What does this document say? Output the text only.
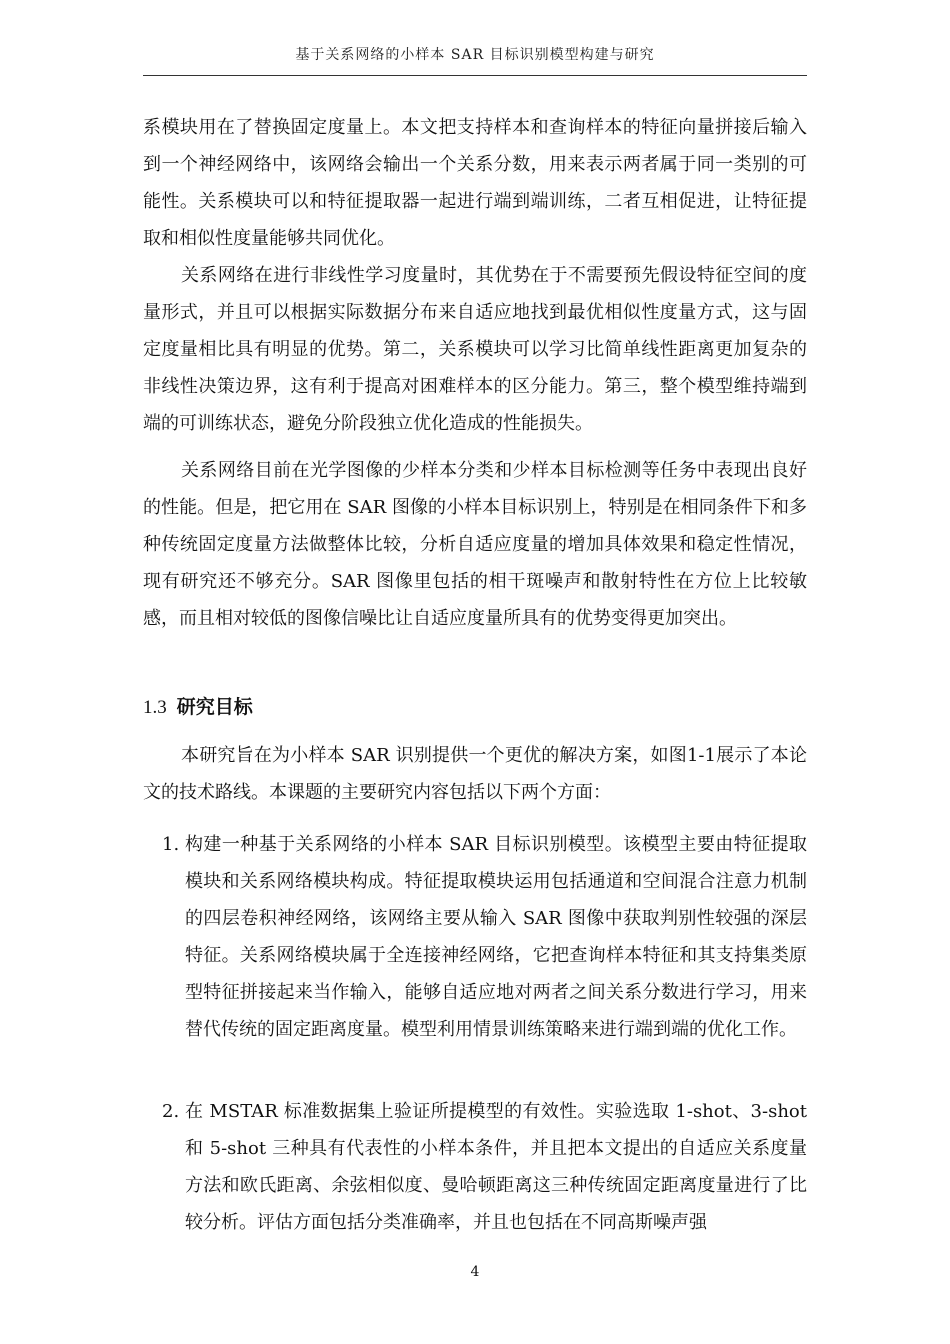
基于关系网络的小样本 SAR 目标识别模型构建与研究

系模块用在了替换固定度量上。本文把支持样本和查询样本的特征向量拼接后输入到一个神经网络中，该网络会输出一个关系分数，用来表示两者属于同一类别的可能性。关系模块可以和特征提取器一起进行端到端训练，二者互相促进，让特征提取和相似性度量能够共同优化。

关系网络在进行非线性学习度量时，其优势在于不需要预先假设特征空间的度量形式，并且可以根据实际数据分布来自适应地找到最优相似性度量方式，这与固定度量相比具有明显的优势。第二，关系模块可以学习比简单线性距离更加复杂的非线性决策边界，这有利于提高对困难样本的区分能力。第三，整个模型维持端到端的可训练状态，避免分阶段独立优化造成的性能损失。

关系网络目前在光学图像的少样本分类和少样本目标检测等任务中表现出良好的性能。但是，把它用在 SAR 图像的小样本目标识别上，特别是在相同条件下和多种传统固定度量方法做整体比较，分析自适应度量的增加具体效果和稳定性情况，现有研究还不够充分。SAR 图像里包括的相干斑噪声和散射特性在方位上比较敏感，而且相对较低的图像信噪比让自适应度量所具有的优势变得更加突出。

1.3 研究目标

本研究旨在为小样本 SAR 识别提供一个更优的解决方案，如图1-1展示了本论文的技术路线。本课题的主要研究内容包括以下两个方面：

1. 构建一种基于关系网络的小样本 SAR 目标识别模型。该模型主要由特征提取模块和关系网络模块构成。特征提取模块运用包括通道和空间混合注意力机制的四层卷积神经网络，该网络主要从输入 SAR 图像中获取判别性较强的深层特征。关系网络模块属于全连接神经网络，它把查询样本特征和其支持集类原型特征拼接起来当作输入，能够自适应地对两者之间关系分数进行学习，用来替代传统的固定距离度量。模型利用情景训练策略来进行端到端的优化工作。
2. 在 MSTAR 标准数据集上验证所提模型的有效性。实验选取 1-shot、3-shot 和 5-shot 三种具有代表性的小样本条件，并且把本文提出的自适应关系度量方法和欧氏距离、余弦相似度、曼哈顿距离这三种传统固定距离度量进行了比较分析。评估方面包括分类准确率，并且也包括在不同高斯噪声强
4
